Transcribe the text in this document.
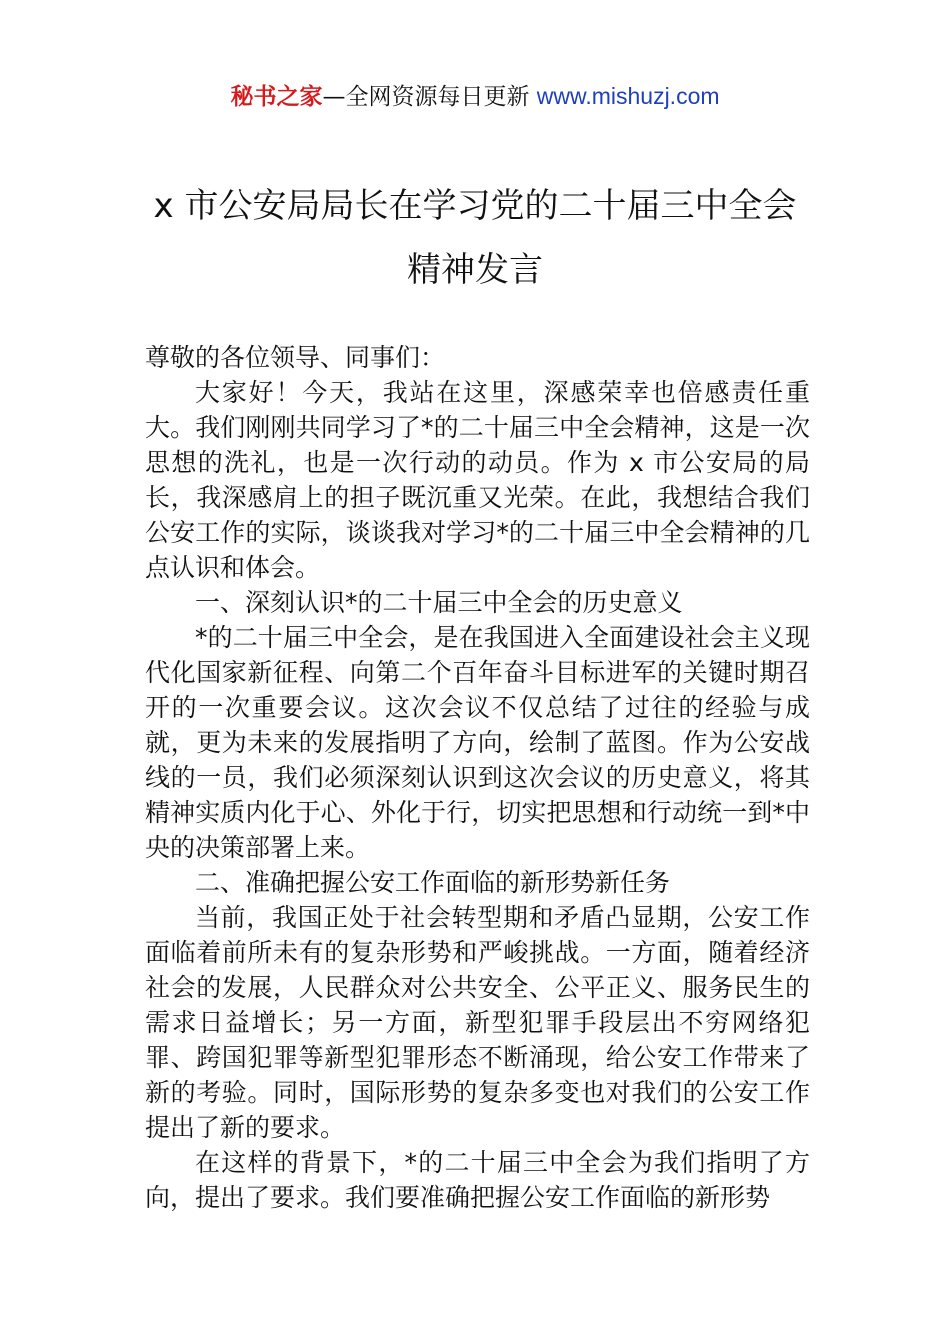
秘书之家—全网资源每日更新 www.mishuzj.com
x 市公安局局长在学习党的二十届三中全会
精神发言

尊敬的各位领导、同事们：

大家好！今天，我站在这里，深感荣幸也倍感责任重大。我们刚刚共同学习了*的二十届三中全会精神，这是一次思想的洗礼，也是一次行动的动员。作为 x 市公安局的局长，我深感肩上的担子既沉重又光荣。在此，我想结合我们公安工作的实际，谈谈我对学习*的二十届三中全会精神的几点认识和体会。

一、深刻认识*的二十届三中全会的历史意义

*的二十届三中全会，是在我国进入全面建设社会主义现代化国家新征程、向第二个百年奋斗目标进军的关键时期召开的一次重要会议。这次会议不仅总结了过往的经验与成就，更为未来的发展指明了方向，绘制了蓝图。作为公安战线的一员，我们必须深刻认识到这次会议的历史意义，将其精神实质内化于心、外化于行，切实把思想和行动统一到*中央的决策部署上来。

二、准确把握公安工作面临的新形势新任务

当前，我国正处于社会转型期和矛盾凸显期，公安工作面临着前所未有的复杂形势和严峻挑战。一方面，随着经济社会的发展，人民群众对公共安全、公平正义、服务民生的需求日益增长；另一方面，新型犯罪手段层出不穷网络犯罪、跨国犯罪等新型犯罪形态不断涌现，给公安工作带来了新的考验。同时，国际形势的复杂多变也对我们的公安工作提出了新的要求。

在这样的背景下，*的二十届三中全会为我们指明了方向，提出了要求。我们要准确把握公安工作面临的新形势
